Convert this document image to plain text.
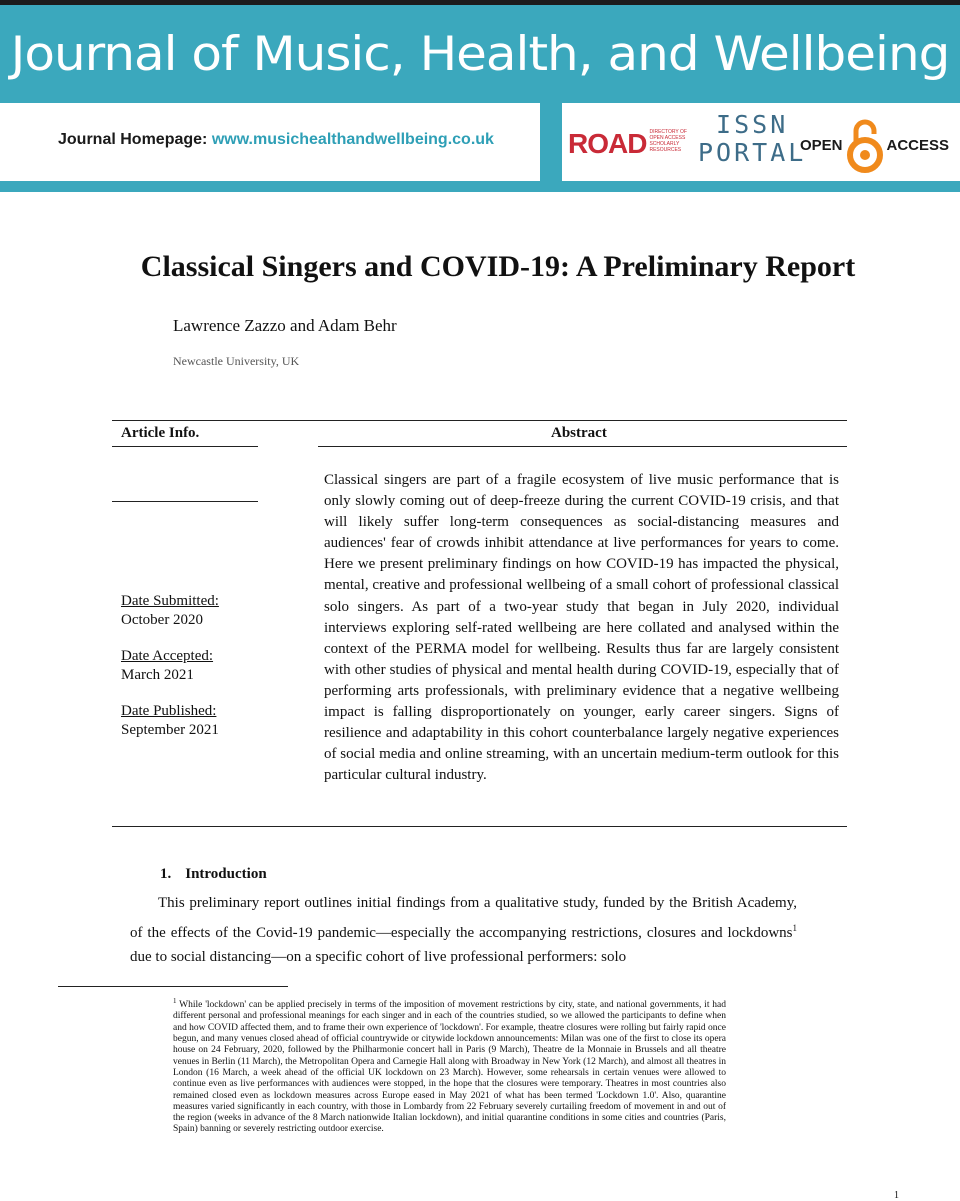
Journal of Music, Health, and Wellbeing
Journal Homepage: www.musichealthandwellbeing.co.uk	ROAD DIRECTORY OF OPEN ACCESS SCHOLARLY RESOURCES
ISSN
PORTAL
OPEN	ACCESS
Classical Singers and COVID-19: A Preliminary Report
Lawrence Zazzo and Adam Behr
Newcastle University, UK
Article Info.	Abstract
Date Submitted:
October 2020
Date Accepted:
March 2021
Date Published:
September 2021
Classical singers are part of a fragile ecosystem of live music performance that is only slowly coming out of deep-freeze during the current COVID-19 crisis, and that will likely suffer long-term consequences as social-distancing measures and audiences' fear of crowds inhibit attendance at live performances for years to come. Here we present preliminary findings on how COVID-19 has impacted the physical, mental, creative and professional wellbeing of a small cohort of professional classical solo singers. As part of a two-year study that began in July 2020, individual interviews exploring self-rated wellbeing are here collated and analysed within the context of the PERMA model for wellbeing. Results thus far are largely consistent with other studies of physical and mental health during COVID-19, especially that of performing arts professionals, with preliminary evidence that a negative wellbeing impact is falling disproportionately on younger, early career singers. Signs of resilience and adaptability in this cohort counterbalance largely negative experiences of social media and online streaming, with an uncertain medium-term outlook for this particular cultural industry.
1. Introduction
This preliminary report outlines initial findings from a qualitative study, funded by the British Academy, of the effects of the Covid-19 pandemic—especially the accompanying restrictions, closures and lockdowns$^1$ due to social distancing—on a specific cohort of live professional performers: solo
$^1$ While 'lockdown' can be applied precisely in terms of the imposition of movement restrictions by city, state, and national governments, it had different personal and professional meanings for each singer and in each of the countries studied, so we allowed the participants to define when and how COVID affected them, and to frame their own experience of 'lockdown'. For example, theatre closures were rolling but fairly rapid once begun, and many venues closed ahead of official countrywide or citywide lockdown announcements: Milan was one of the first to close its opera house on 24 February, 2020, followed by the Philharmonie concert hall in Paris (9 March), Theatre de la Monnaie in Brussels and all theatre venues in Berlin (11 March), the Metropolitan Opera and Carnegie Hall along with Broadway in New York (12 March), and almost all theatres in London (16 March, a week ahead of the official UK lockdown on 23 March). However, some rehearsals in certain venues were allowed to continue even as live performances with audiences were stopped, in the hope that the closures were temporary. Theatres in most countries also remained closed even as lockdown measures across Europe eased in May 2021 of what has been termed 'Lockdown 1.0'. Also, quarantine measures varied significantly in each country, with those in Lombardy from 22 February severely curtailing freedom of movement in and out of the region (weeks in advance of the 8 March nationwide Italian lockdown), and initial quarantine conditions in some cities and countries (Paris, Spain) banning or severely restricting outdoor exercise.
1
